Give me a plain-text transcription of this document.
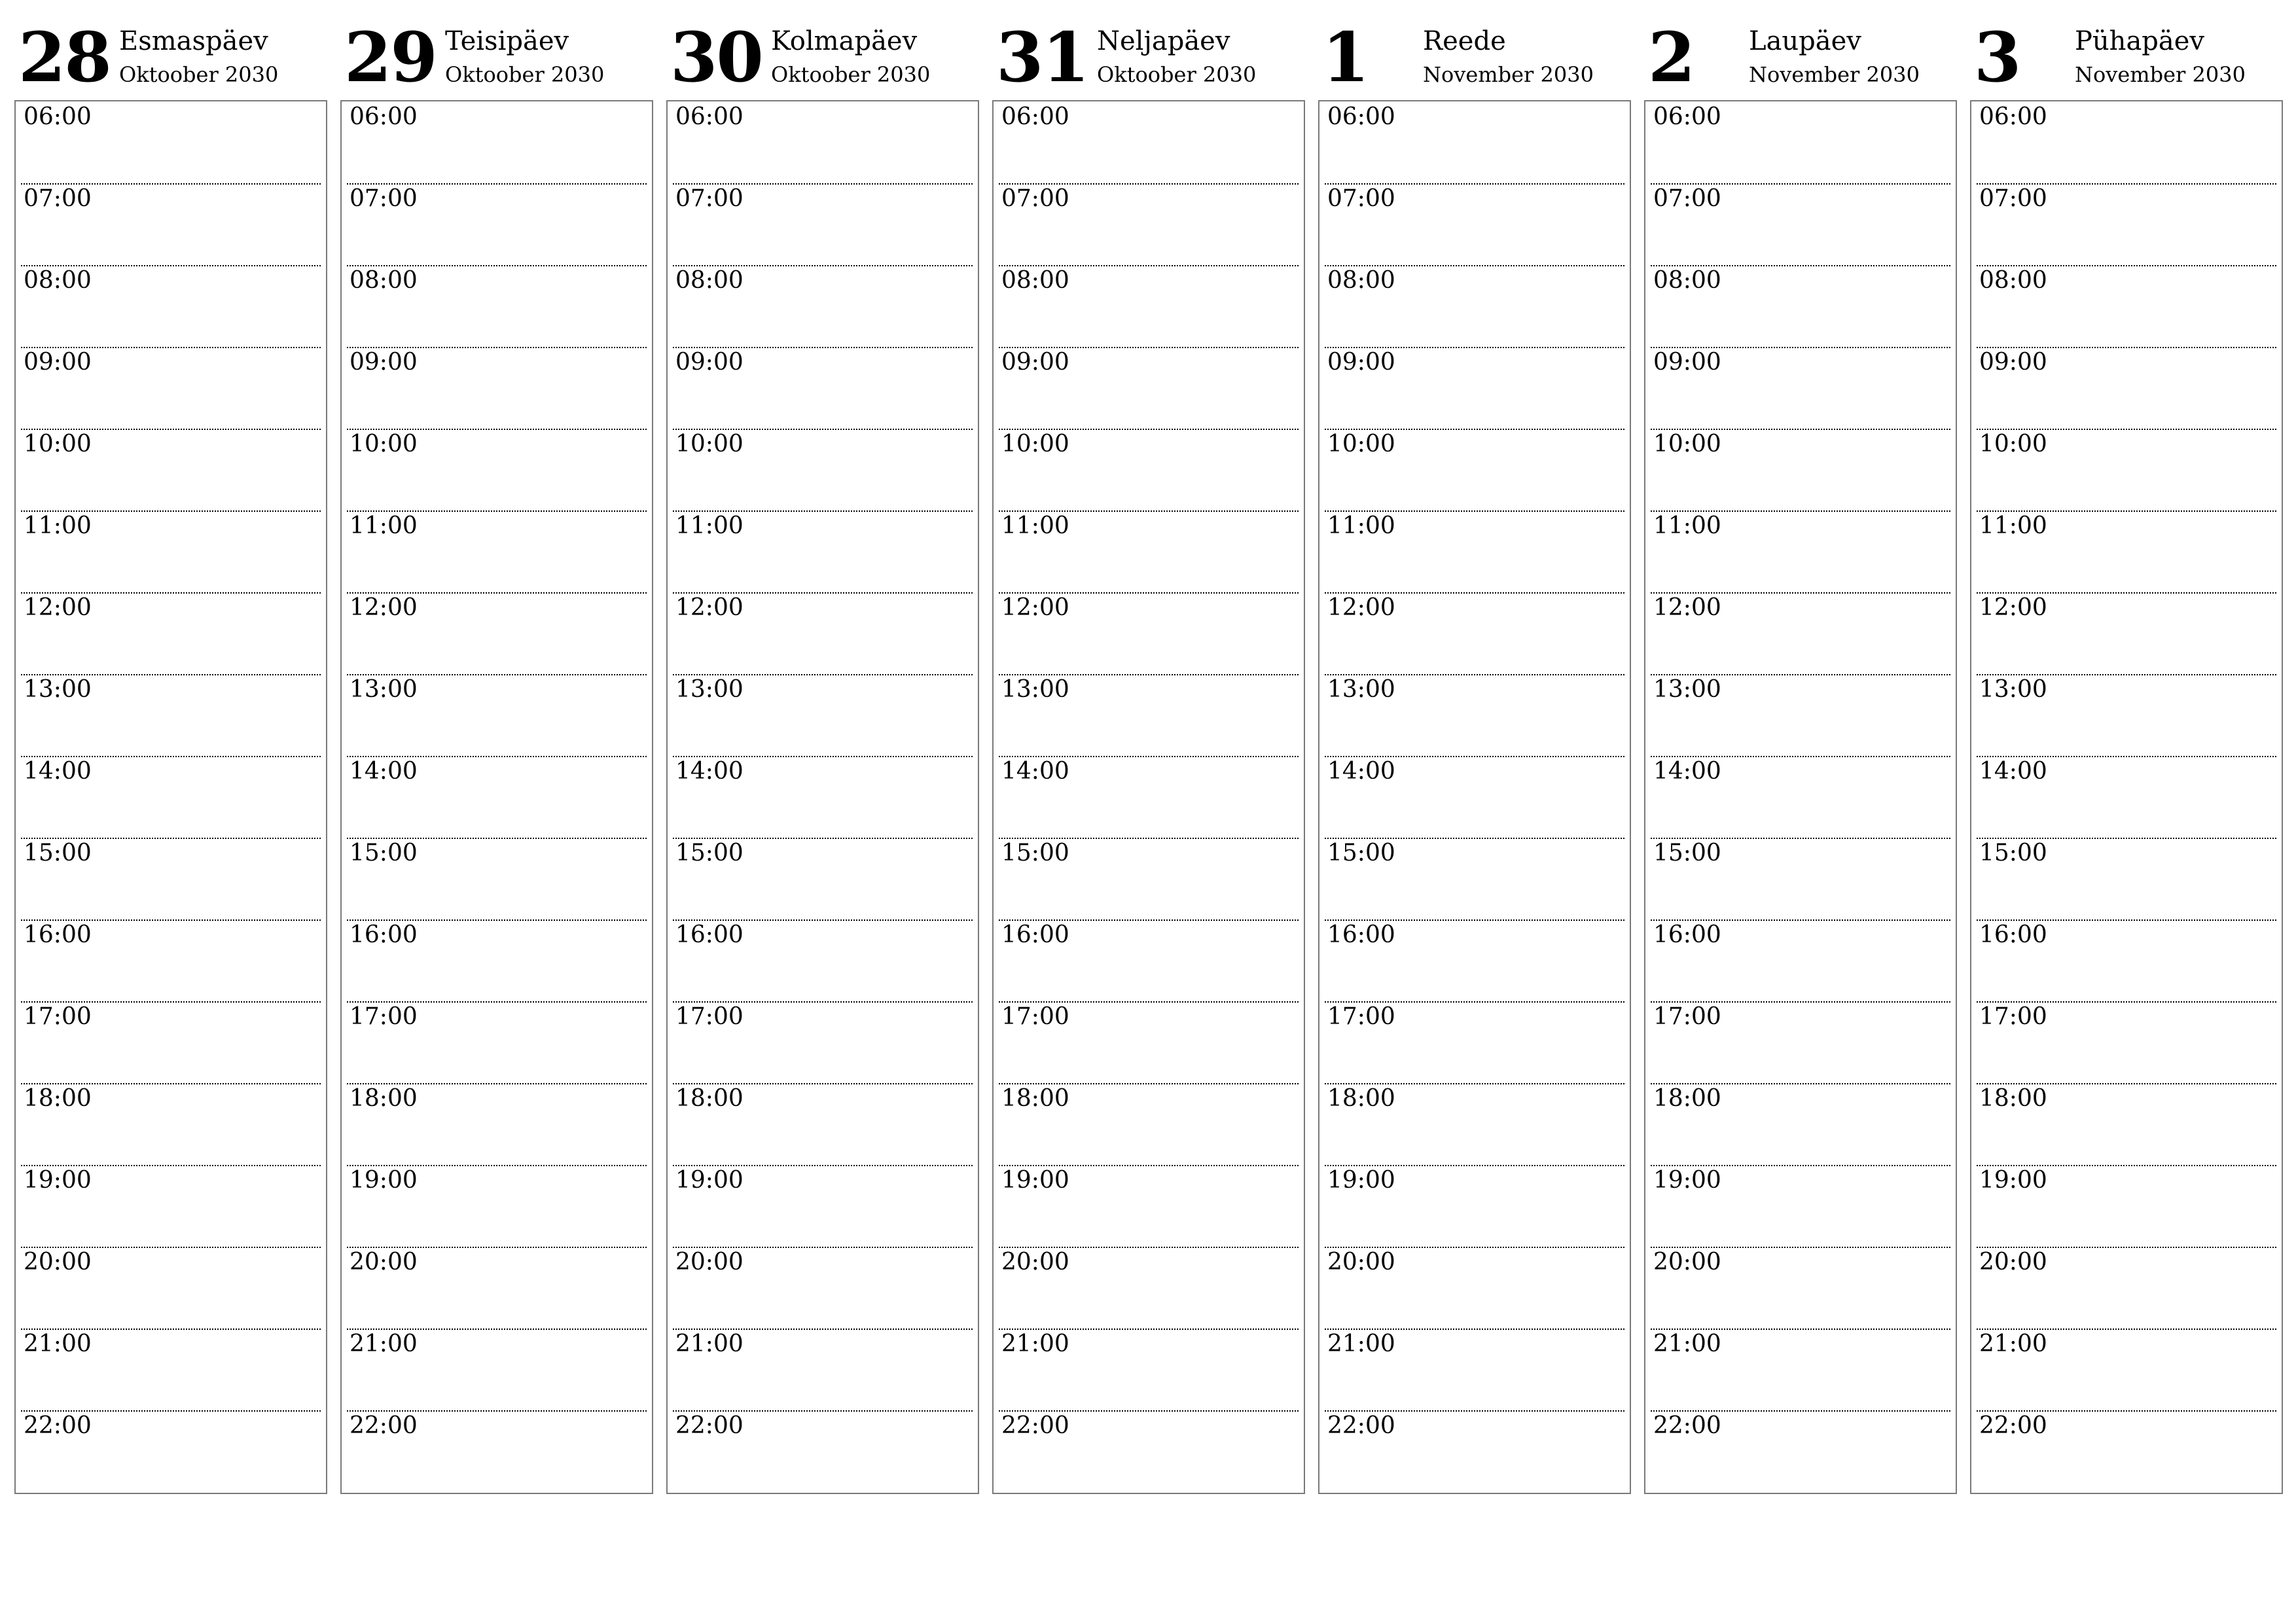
28 Esmaspäev
Oktoober 2030
06:00
07:00
08:00
09:00
10:00
11:00
12:00
13:00
14:00
15:00
16:00
17:00
18:00
19:00
20:00
21:00
22:00
29 Teisipäev
Oktoober 2030
06:00
07:00
08:00
09:00
10:00
11:00
12:00
13:00
14:00
15:00
16:00
17:00
18:00
19:00
20:00
21:00
22:00
30 Kolmapäev
Oktoober 2030
06:00
07:00
08:00
09:00
10:00
11:00
12:00
13:00
14:00
15:00
16:00
17:00
18:00
19:00
20:00
21:00
22:00
31 Neljapäev
Oktoober 2030
06:00
07:00
08:00
09:00
10:00
11:00
12:00
13:00
14:00
15:00
16:00
17:00
18:00
19:00
20:00
21:00
22:00
1 Reede
November 2030
06:00
07:00
08:00
09:00
10:00
11:00
12:00
13:00
14:00
15:00
16:00
17:00
18:00
19:00
20:00
21:00
22:00
2 Laupäev
November 2030
06:00
07:00
08:00
09:00
10:00
11:00
12:00
13:00
14:00
15:00
16:00
17:00
18:00
19:00
20:00
21:00
22:00
3 Pühapäev
November 2030
06:00
07:00
08:00
09:00
10:00
11:00
12:00
13:00
14:00
15:00
16:00
17:00
18:00
19:00
20:00
21:00
22:00
